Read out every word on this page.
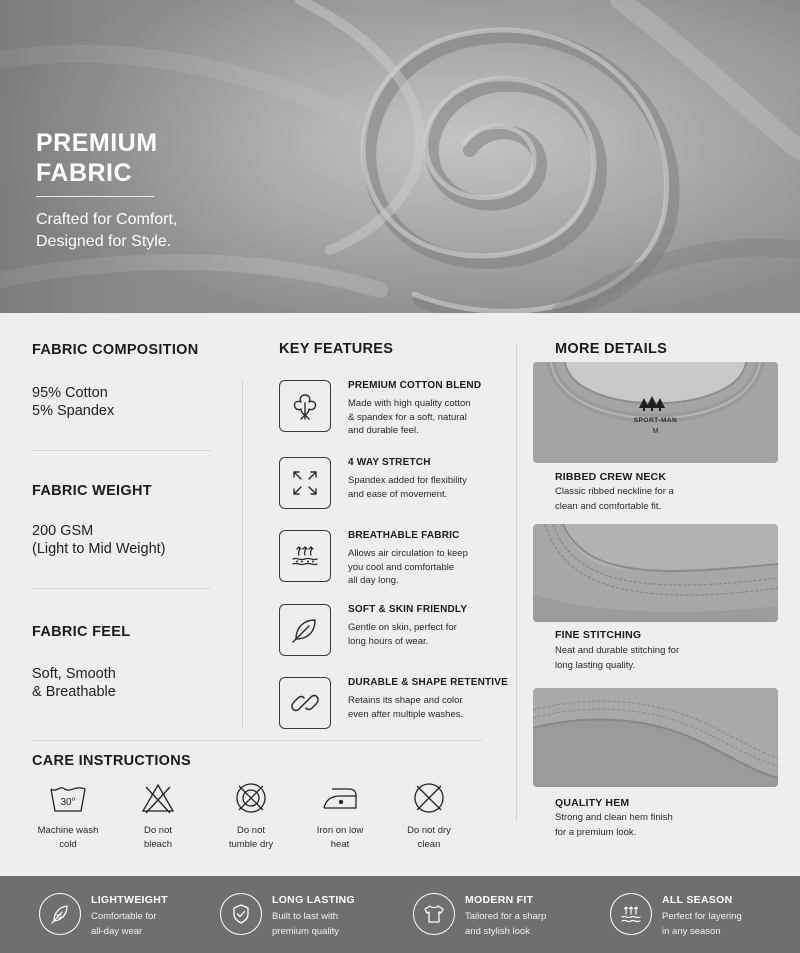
PREMIUM
FABRIC
Crafted for Comfort,
Designed for Style.
FABRIC COMPOSITION
95% Cotton
5% Spandex
FABRIC WEIGHT
200 GSM
(Light to Mid Weight)
FABRIC FEEL
Soft, Smooth
& Breathable
KEY FEATURES
PREMIUM COTTON BLEND
Made with high quality cotton
& spandex for a soft, natural
and durable feel.
4 WAY STRETCH
Spandex added for flexibility
and ease of movement.
BREATHABLE FABRIC
Allows air circulation to keep
you cool and comfortable
all day long.
SOFT & SKIN FRIENDLY
Gentle on skin, perfect for
long hours of wear.
DURABLE & SHAPE RETENTIVE
Retains its shape and color
even after multiple washes.
MORE DETAILS
SPORT-MAN
M
RIBBED CREW NECK
Classic ribbed neckline for a
clean and comfortable fit.
FINE STITCHING
Neat and durable stitching for
long lasting quality.
QUALITY HEM
Strong and clean hem finish
for a premium look.
CARE INSTRUCTIONS
30°
Machine wash
cold
Do not
bleach
Do not
tumble dry
Iron on low
heat
Do not dry
clean
LIGHTWEIGHT
Comfortable for
all-day wear
LONG LASTING
Built to last with
premium quality
MODERN FIT
Tailored for a sharp
and stylish look
ALL SEASON
Perfect for layering
in any season
